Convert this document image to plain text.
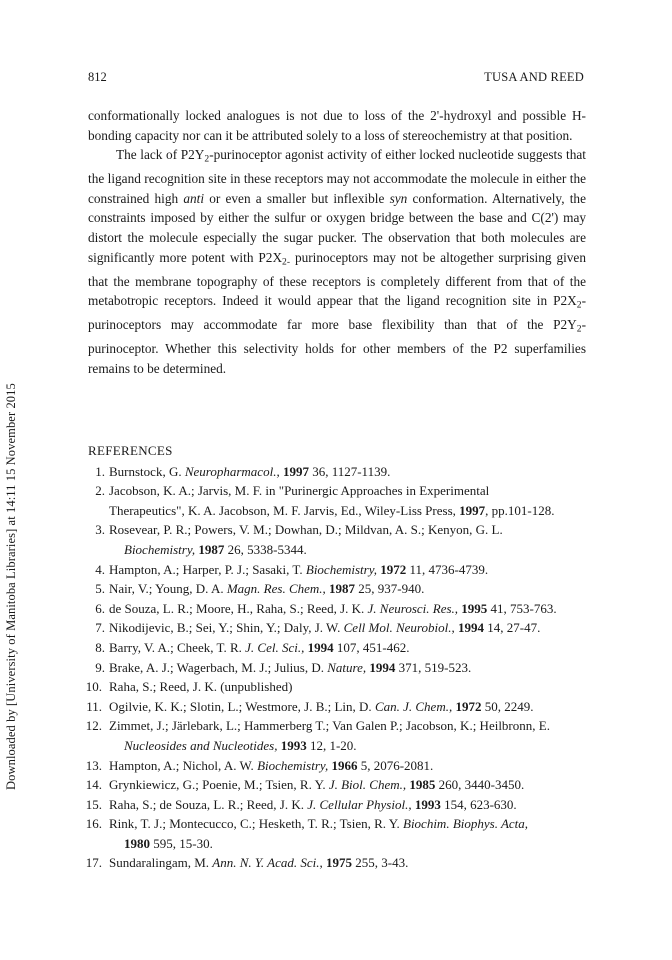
812	TUSA AND REED
Downloaded by [University of Manitoba Libraries] at 14:11 15 November 2015

conformationally locked analogues is not due to loss of the 2'-hydroxyl and possible H-bonding capacity nor can it be attributed solely to a loss of stereochemistry at that position.

The lack of $P2Y_2$-purinoceptor agonist activity of either locked nucleotide suggests that the ligand recognition site in these receptors may not accommodate the molecule in either the constrained high anti or even a smaller but inflexible syn conformation. Alternatively, the constraints imposed by either the sulfur or oxygen bridge between the base and C(2') may distort the molecule especially the sugar pucker. The observation that both molecules are significantly more potent with $P2X_{2-}$ purinoceptors may not be altogether surprising given that the membrane topography of these receptors is completely different from that of the metabotropic receptors. Indeed it would appear that the ligand recognition site in $P2X_2$-purinoceptors may accommodate far more base flexibility than that of the $P2Y_2$-purinoceptor. Whether this selectivity holds for other members of the P2 superfamilies remains to be determined.

REFERENCES
1. Burnstock, G. Neuropharmacol., 1997 36, 1127-1139.
2. Jacobson, K. A.; Jarvis, M. F. in "Purinergic Approaches in Experimental
Therapeutics", K. A. Jacobson, M. F. Jarvis, Ed., Wiley-Liss Press, 1997, pp.101-128.
3. Rosevear, P. R.; Powers, V. M.; Dowhan, D.; Mildvan, A. S.; Kenyon, G. L.
Biochemistry, 1987 26, 5338-5344.
4. Hampton, A.; Harper, P. J.; Sasaki, T. Biochemistry, 1972 11, 4736-4739.
5. Nair, V.; Young, D. A. Magn. Res. Chem., 1987 25, 937-940.
6. de Souza, L. R.; Moore, H., Raha, S.; Reed, J. K. J. Neurosci. Res., 1995 41, 753-763.
7. Nikodijevic, B.; Sei, Y.; Shin, Y.; Daly, J. W. Cell Mol. Neurobiol., 1994 14, 27-47.
8. Barry, V. A.; Cheek, T. R. J. Cel. Sci., 1994 107, 451-462.
9. Brake, A. J.; Wagerbach, M. J.; Julius, D. Nature, 1994 371, 519-523.
10. Raha, S.; Reed, J. K. (unpublished)
11. Ogilvie, K. K.; Slotin, L.; Westmore, J. B.; Lin, D. Can. J. Chem., 1972 50, 2249.
12. Zimmet, J.; Järlebark, L.; Hammerberg T.; Van Galen P.; Jacobson, K.; Heilbronn, E.
Nucleosides and Nucleotides, 1993 12, 1-20.
13. Hampton, A.; Nichol, A. W. Biochemistry, 1966 5, 2076-2081.
14. Grynkiewicz, G.; Poenie, M.; Tsien, R. Y. J. Biol. Chem., 1985 260, 3440-3450.
15. Raha, S.; de Souza, L. R.; Reed, J. K. J. Cellular Physiol., 1993 154, 623-630.
16. Rink, T. J.; Montecucco, C.; Hesketh, T. R.; Tsien, R. Y. Biochim. Biophys. Acta,
1980 595, 15-30.
17. Sundaralingam, M. Ann. N. Y. Acad. Sci., 1975 255, 3-43.
